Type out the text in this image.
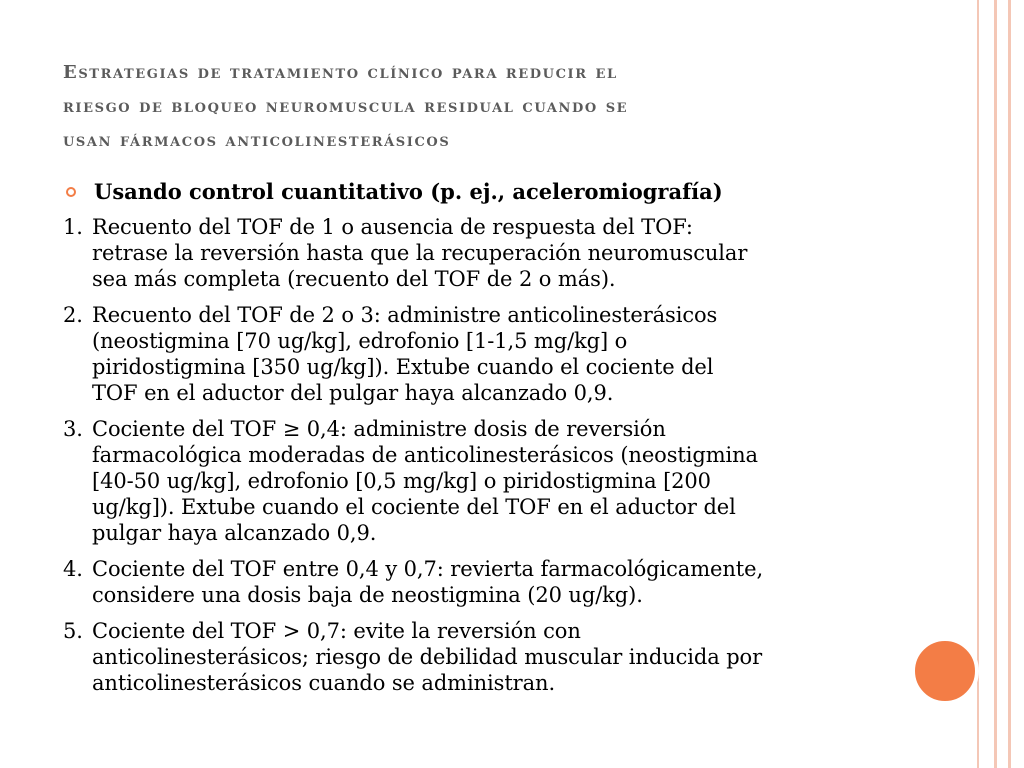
Estrategias de tratamiento clínico para reducir el
riesgo de bloqueo neuromuscula residual cuando se
usan fármacos anticolinesterásicos
Usando control cuantitativo (p. ej., aceleromiografía)
1. Recuento del TOF de 1 o ausencia de respuesta del TOF:
retrase la reversión hasta que la recuperación neuromuscular
sea más completa (recuento del TOF de 2 o más).
2. Recuento del TOF de 2 o 3: administre anticolinesterásicos
(neostigmina [70 ug/kg], edrofonio [1-1,5 mg/kg] o
piridostigmina [350 ug/kg]). Extube cuando el cociente del
TOF en el aductor del pulgar haya alcanzado 0,9.
3. Cociente del TOF ≥ 0,4: administre dosis de reversión
farmacológica moderadas de anticolinesterásicos (neostigmina
[40-50 ug/kg], edrofonio [0,5 mg/kg] o piridostigmina [200
ug/kg]). Extube cuando el cociente del TOF en el aductor del
pulgar haya alcanzado 0,9.
4. Cociente del TOF entre 0,4 y 0,7: revierta farmacológicamente,
considere una dosis baja de neostigmina (20 ug/kg).
5. Cociente del TOF > 0,7: evite la reversión con
anticolinesterásicos; riesgo de debilidad muscular inducida por
anticolinesterásicos cuando se administran.
